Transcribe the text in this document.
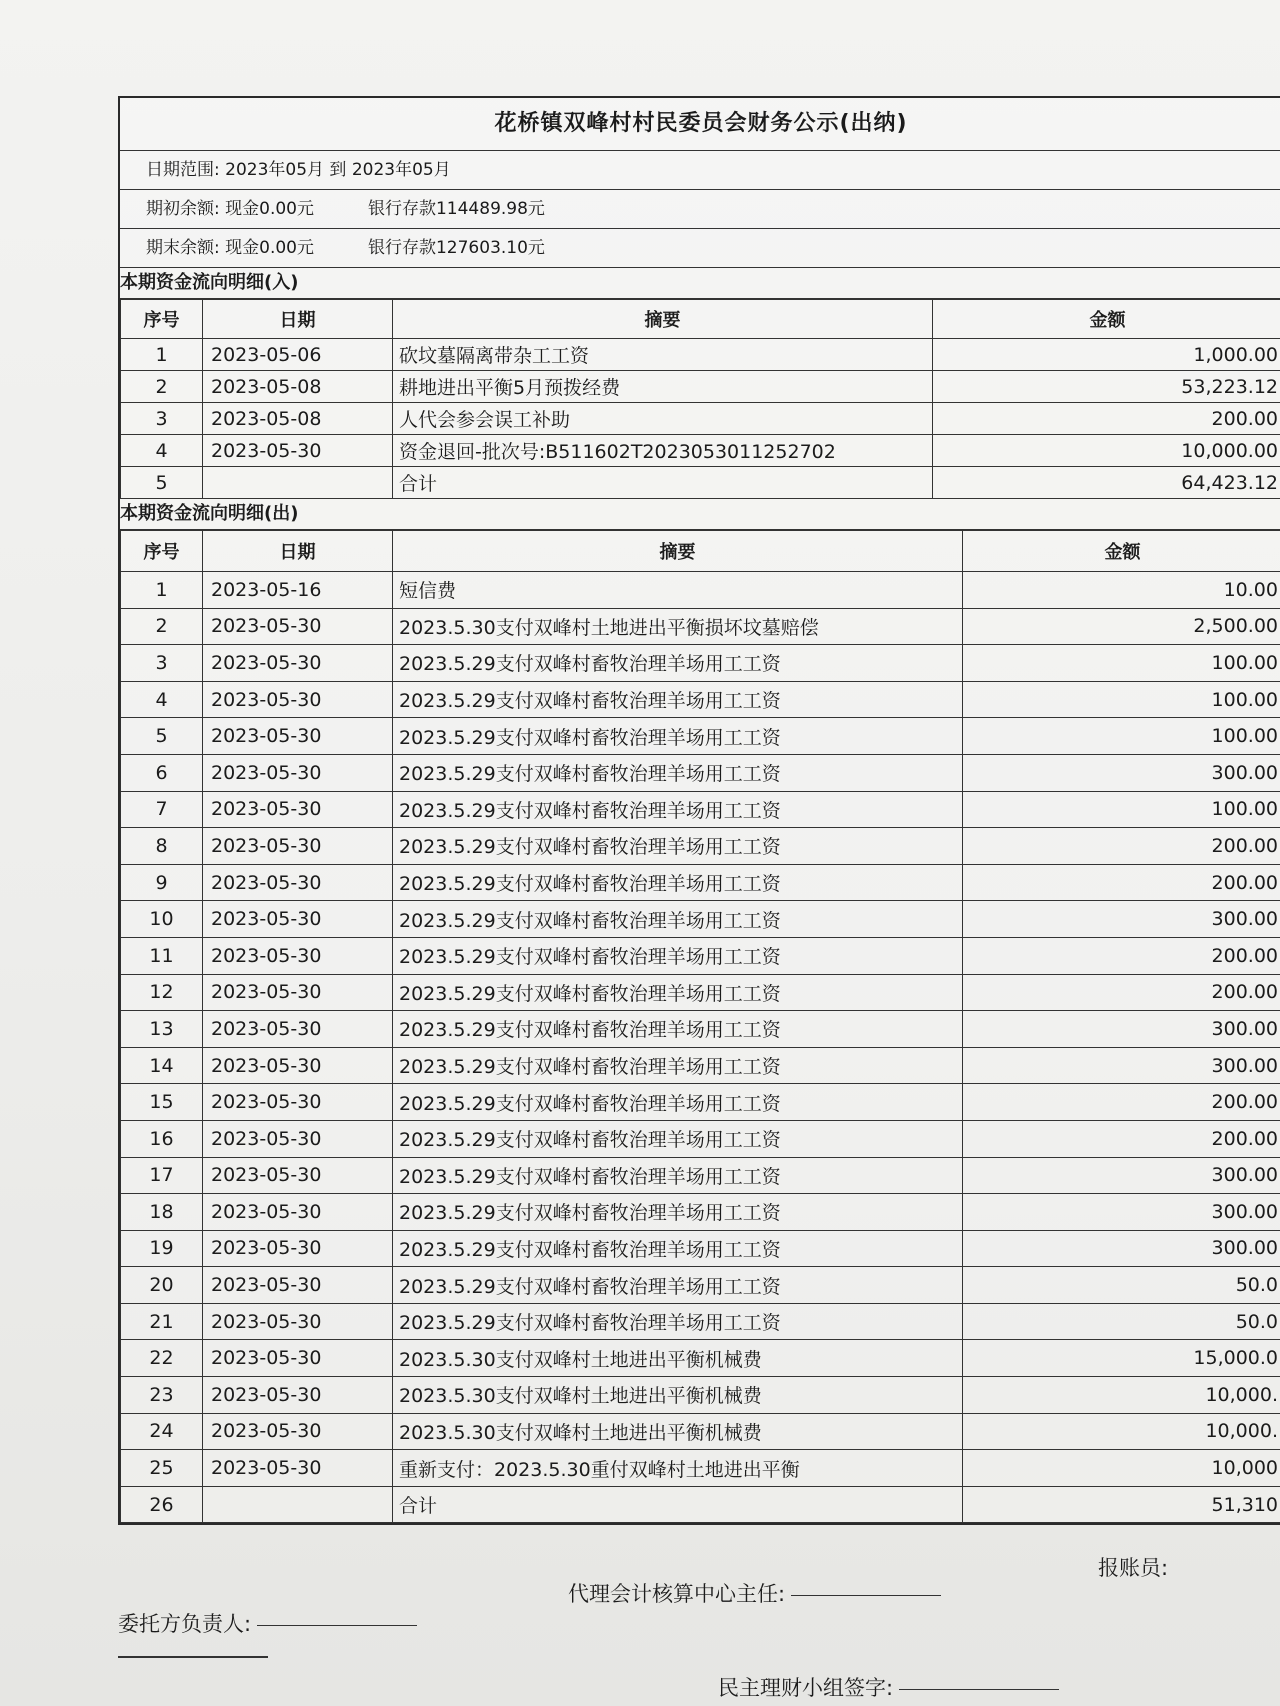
花桥镇双峰村村民委员会财务公示(出纳)
日期范围: 2023年05月 到 2023年05月
期初余额: 现金0.00元	银行存款114489.98元
期末余额: 现金0.00元	银行存款127603.10元
本期资金流向明细(入)
序号	日期	摘要	金额
1	2023-05-06	砍坟墓隔离带杂工工资	1,000.00
2	2023-05-08	耕地进出平衡5月预拨经费	53,223.12
3	2023-05-08	人代会参会误工补助	200.00
4	2023-05-30	资金退回-批次号:B511602T2023053011252702	10,000.00
5		合计	64,423.12
本期资金流向明细(出)
序号	日期	摘要	金额
1	2023-05-16	短信费	10.00
2	2023-05-30	2023.5.30支付双峰村土地进出平衡损坏坟墓赔偿	2,500.00
3	2023-05-30	2023.5.29支付双峰村畜牧治理羊场用工工资	100.00
4	2023-05-30	2023.5.29支付双峰村畜牧治理羊场用工工资	100.00
5	2023-05-30	2023.5.29支付双峰村畜牧治理羊场用工工资	100.00
6	2023-05-30	2023.5.29支付双峰村畜牧治理羊场用工工资	300.00
7	2023-05-30	2023.5.29支付双峰村畜牧治理羊场用工工资	100.00
8	2023-05-30	2023.5.29支付双峰村畜牧治理羊场用工工资	200.00
9	2023-05-30	2023.5.29支付双峰村畜牧治理羊场用工工资	200.00
10	2023-05-30	2023.5.29支付双峰村畜牧治理羊场用工工资	300.00
11	2023-05-30	2023.5.29支付双峰村畜牧治理羊场用工工资	200.00
12	2023-05-30	2023.5.29支付双峰村畜牧治理羊场用工工资	200.00
13	2023-05-30	2023.5.29支付双峰村畜牧治理羊场用工工资	300.00
14	2023-05-30	2023.5.29支付双峰村畜牧治理羊场用工工资	300.00
15	2023-05-30	2023.5.29支付双峰村畜牧治理羊场用工工资	200.00
16	2023-05-30	2023.5.29支付双峰村畜牧治理羊场用工工资	200.00
17	2023-05-30	2023.5.29支付双峰村畜牧治理羊场用工工资	300.00
18	2023-05-30	2023.5.29支付双峰村畜牧治理羊场用工工资	300.00
19	2023-05-30	2023.5.29支付双峰村畜牧治理羊场用工工资	300.00
20	2023-05-30	2023.5.29支付双峰村畜牧治理羊场用工工资	50.0
21	2023-05-30	2023.5.29支付双峰村畜牧治理羊场用工工资	50.0
22	2023-05-30	2023.5.30支付双峰村土地进出平衡机械费	15,000.0
23	2023-05-30	2023.5.30支付双峰村土地进出平衡机械费	10,000.
24	2023-05-30	2023.5.30支付双峰村土地进出平衡机械费	10,000.
25	2023-05-30	重新支付：2023.5.30重付双峰村土地进出平衡	10,000
26		合计	51,310
报账员:
代理会计核算中心主任:
委托方负责人:
民主理财小组签字:
